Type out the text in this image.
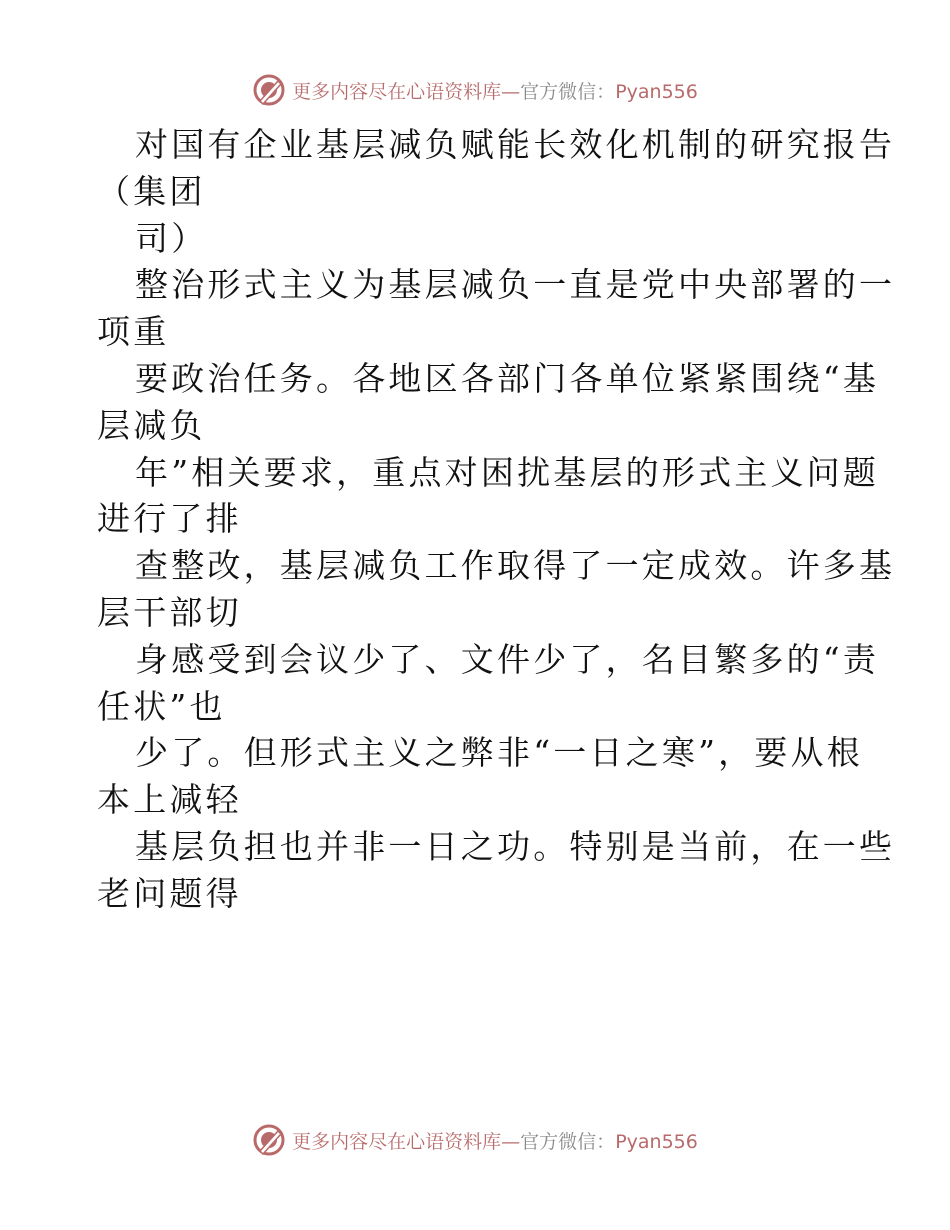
更多内容尽在心语资料库—官方微信：Pyan556
对国有企业基层减负赋能长效化机制的研究报告
（集团
司）
整治形式主义为基层减负一直是党中央部署的一
项重
要政治任务。各地区各部门各单位紧紧围绕“基
层减负
年”相关要求，重点对困扰基层的形式主义问题
进行了排
查整改，基层减负工作取得了一定成效。许多基
层干部切
身感受到会议少了、文件少了，名目繁多的“责
任状”也
少了。但形式主义之弊非“一日之寒”，要从根
本上减轻
基层负担也并非一日之功。特别是当前，在一些
老问题得
更多内容尽在心语资料库—官方微信：Pyan556
